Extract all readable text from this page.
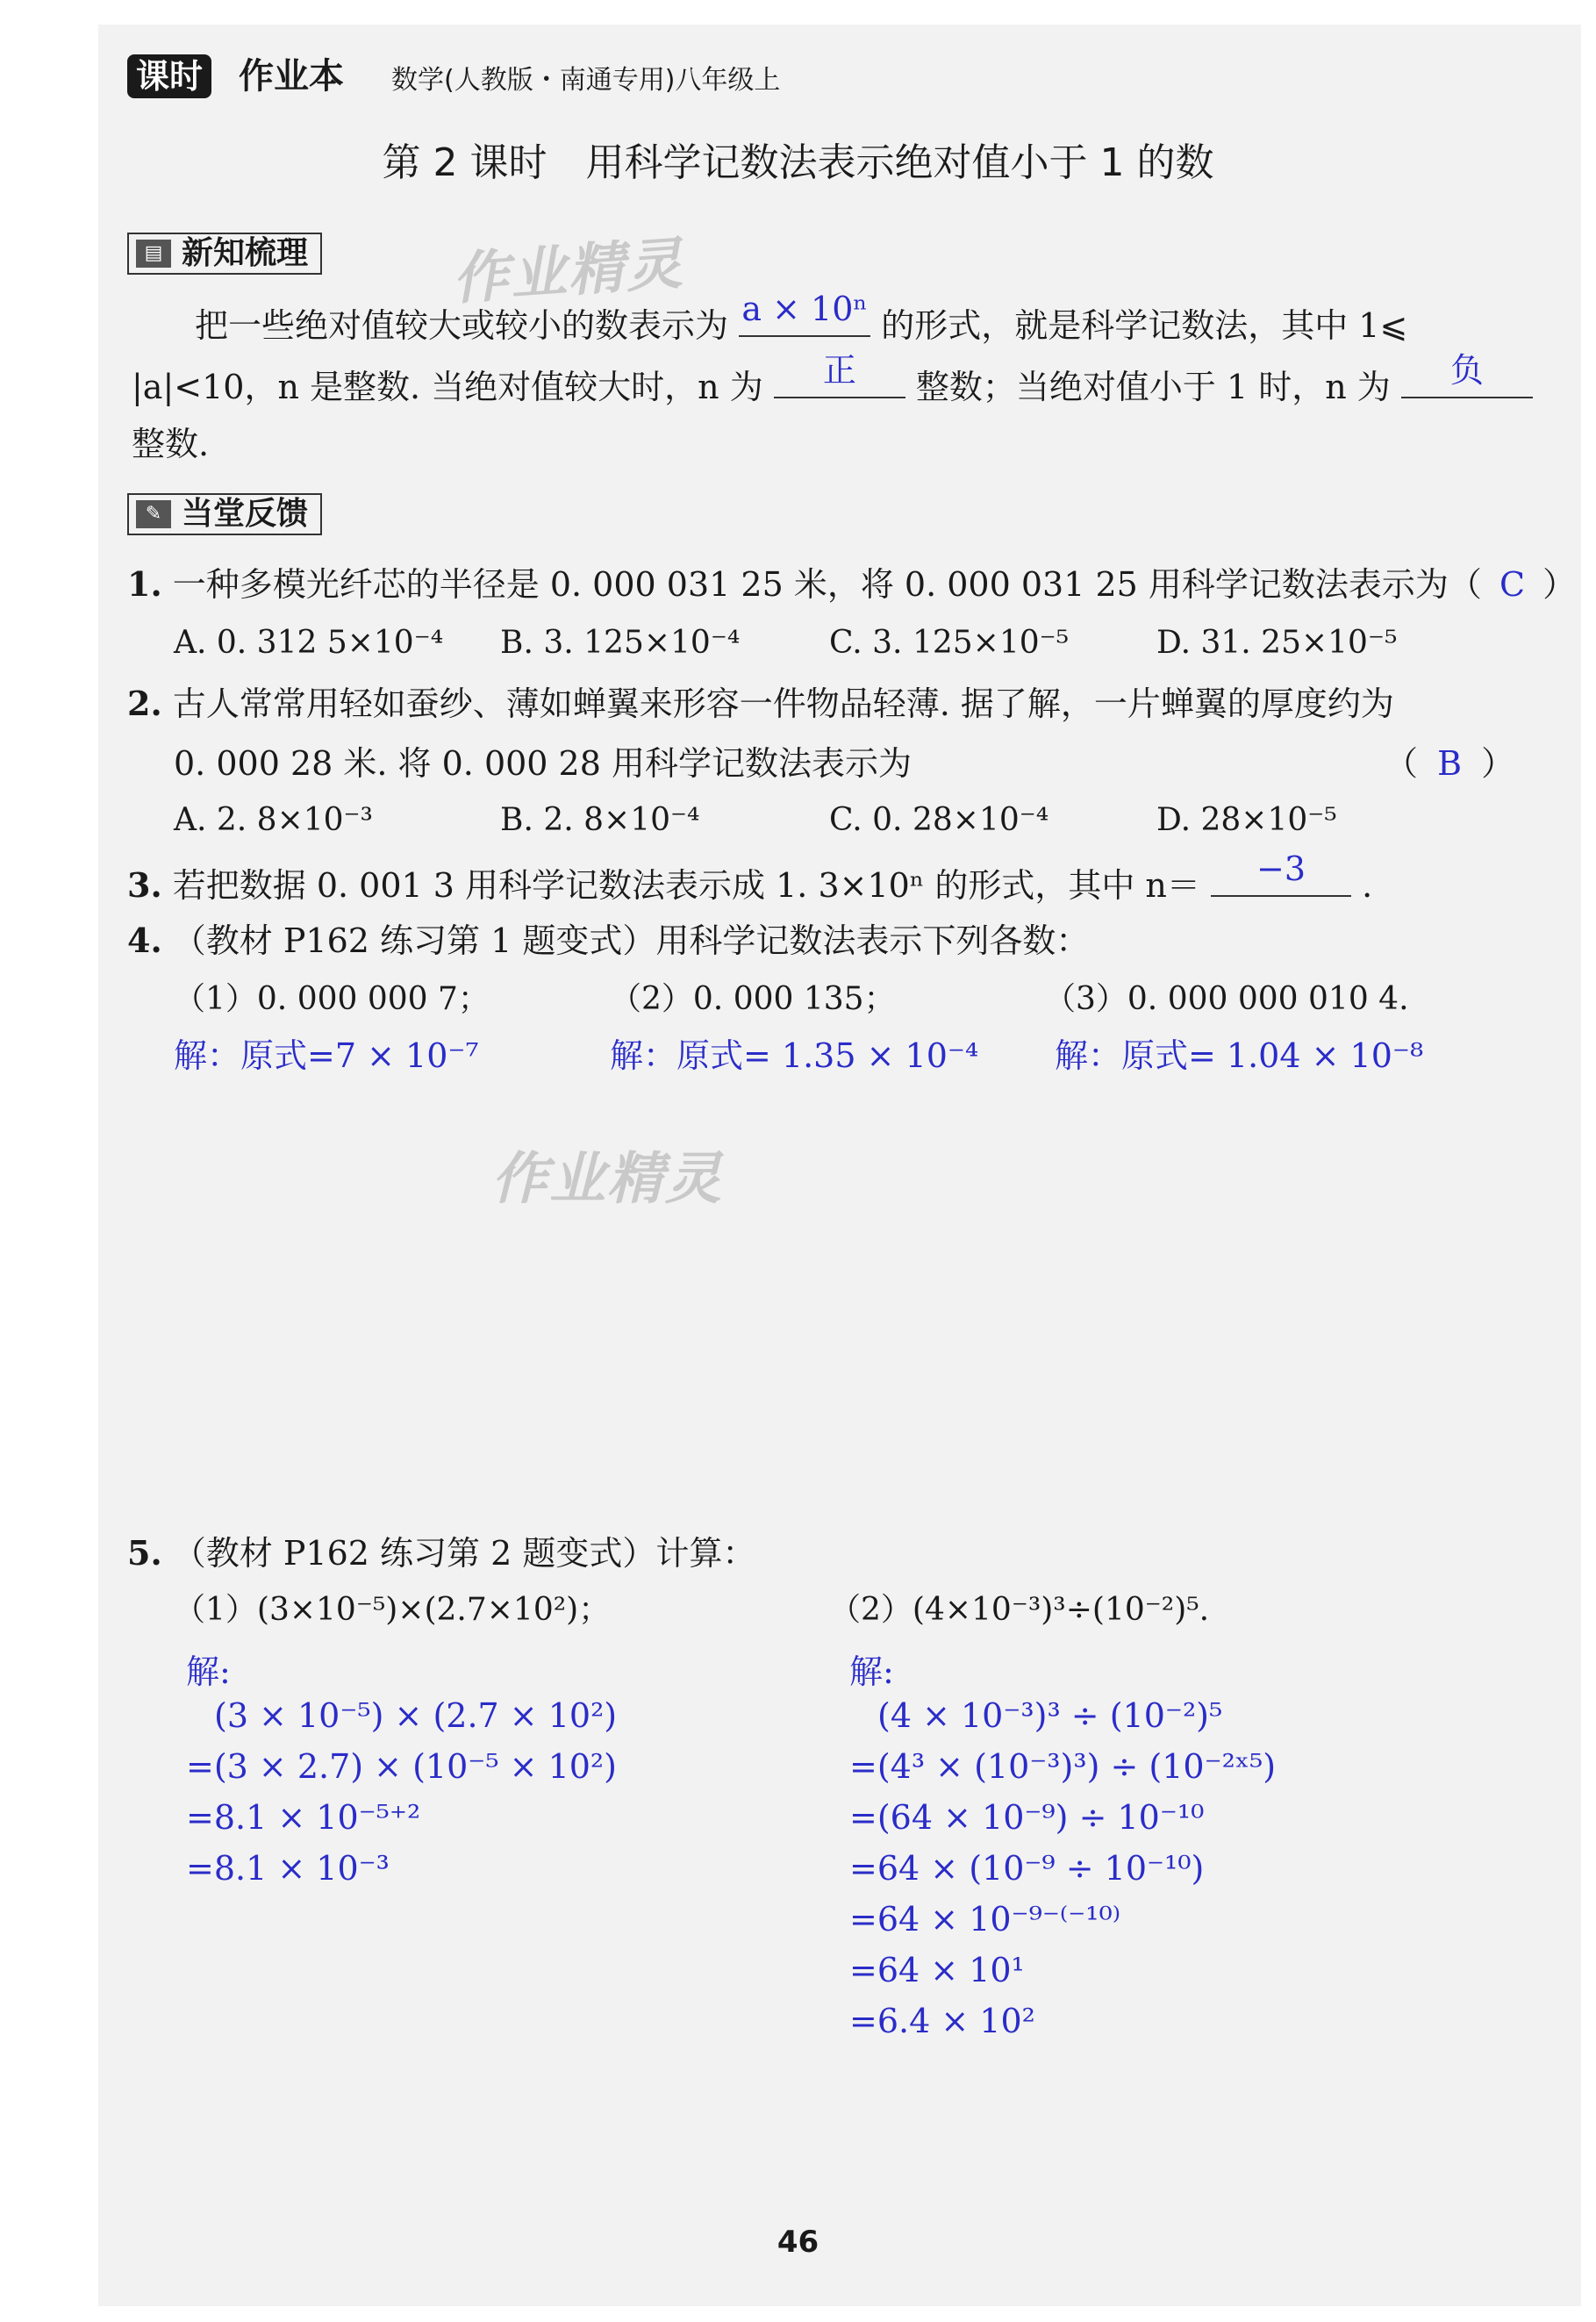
课时 作业本 数学(人教版・南通专用)八年级上
第 2 课时　用科学记数法表示绝对值小于 1 的数
▤ 新知梳理	作业精灵
把一些绝对值较大或较小的数表示为 a × 10ⁿ 的形式，就是科学记数法，其中 1⩽
|a|<10，n 是整数. 当绝对值较大时，n 为	正	整数；当绝对值小于 1 时，n 为	负
整数.
✎ 当堂反馈
1. 一种多模光纤芯的半径是 0. 000 031 25 米，将 0. 000 031 25 用科学记数法表示为（ C ）
A. 0. 312 5×10⁻⁴ B. 3. 125×10⁻⁴	C. 3. 125×10⁻⁵	D. 31. 25×10⁻⁵
2. 古人常常用轻如蚕纱、薄如蝉翼来形容一件物品轻薄. 据了解，一片蝉翼的厚度约为
0. 000 28 米. 将 0. 000 28 用科学记数法表示为	（ B ）
A. 2. 8×10⁻³	B. 2. 8×10⁻⁴	C. 0. 28×10⁻⁴	D. 28×10⁻⁵
3. 若把数据 0. 001 3 用科学记数法表示成 1. 3×10ⁿ 的形式，其中 n＝	−3	.
4. （教材 P162 练习第 1 题变式）用科学记数法表示下列各数：
（1）0. 000 000 7；	（2）0. 000 135；	（3）0. 000 000 010 4.
解：原式=7 × 10⁻⁷	解：原式= 1.35 × 10⁻⁴ 解：原式= 1.04 × 10⁻⁸
作业精灵
5. （教材 P162 练习第 2 题变式）计算：
（1）(3×10⁻⁵)×(2.7×10²)；	（2）(4×10⁻³)³÷(10⁻²)⁵.
解:
(3 × 10⁻⁵) × (2.7 × 10²)
=(3 × 2.7) × (10⁻⁵ × 10²)
=8.1 × 10⁻⁵⁺²
=8.1 × 10⁻³
解:
(4 × 10⁻³)³ ÷ (10⁻²)⁵
=(4³ × (10⁻³)³) ÷ (10⁻²ˣ⁵)
=(64 × 10⁻⁹) ÷ 10⁻¹⁰
=64 × (10⁻⁹ ÷ 10⁻¹⁰)
=64 × 10⁻⁹⁻⁽⁻¹⁰⁾
=64 × 10¹
=6.4 × 10²
46
